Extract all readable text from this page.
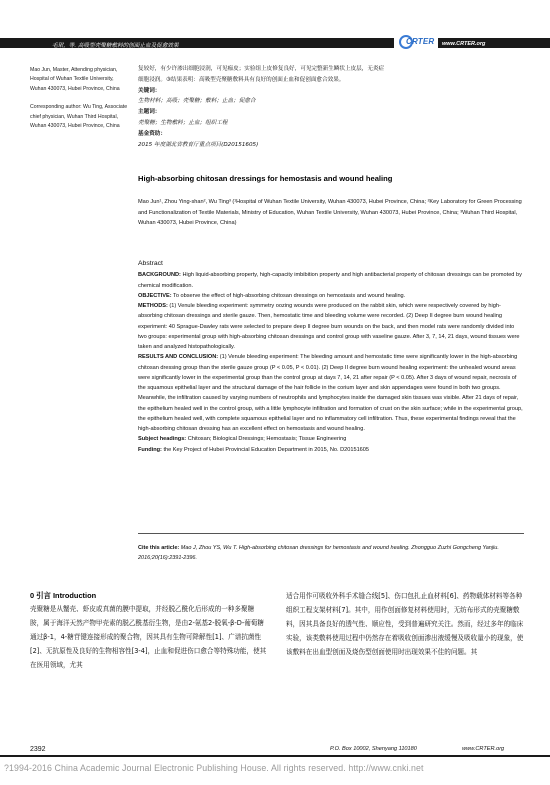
毛珺，等. 高吸型壳聚糖敷料的创面止血及促愈效果	CRTER www.CRTER.org

Mao Jun, Master, Attending physician, Hospital of Wuhan Textile University, Wuhan 430073, Hubei Province, China

Corresponding author: Wu Ting, Associate chief physician, Wuhan Third Hospital, Wuhan 430073, Hubei Province, China

复较好，有少许渗出细胞浸润，可见痂皮；实验组上皮修复良好，可见完整新生鳞状上皮层，无炎症
细胞浸润。③结果表明：高吸型壳聚糖敷料具有良好的创面止血和促创面愈合效果。
关键词：
生物材料；高吸；壳聚糖；敷料；止血；促愈合
主题词：
壳聚糖；生物敷料；止血；组织工程
基金资助：
2015 年度湖北省教育厅重点项目(D20151605)
High-absorbing chitosan dressings for hemostasis and wound healing
Mao Jun¹, Zhou Ying-shan², Wu Ting³ (¹Hospital of Wuhan Textile University, Wuhan 430073, Hubei Province, China; ²Key Laboratory for Green Processing and Functionalization of Textile Materials, Ministry of Education, Wuhan Textile University, Wuhan 430073, Hubei Province, China; ³Wuhan Third Hospital, Wuhan 430073, Hubei Province, China)
Abstract
BACKGROUND: High liquid-absorbing property, high-capacity imbibition property and high antibacterial property of chitosan dressings can be promoted by chemical modification.
OBJECTIVE: To observe the effect of high-absorbing chitosan dressings on hemostasis and wound healing.
METHODS: (1) Venule bleeding experiment: symmetry oozing wounds were produced on the rabbit skin, which were respectively covered by high-absorbing chitosan dressings and sterile gauze. Then, hemostatic time and bleeding volume were recorded. (2) Deep II degree burn wound healing experiment: 40 Sprague-Dawley rats were selected to prepare deep II degree burn wounds on the back, and then model rats were randomly divided into two groups: experimental group with high-absorbing chitosan dressings and control group with vaseline gauze. After 3, 7, 14, 21 days, wound tissues were taken and analyzed histopathologically.
RESULTS AND CONCLUSION: (1) Venule bleeding experiment: The bleeding amount and hemostatic time were significantly lower in the high-absorbing chitosan dressing group than the sterile gauze group (P < 0.05, P < 0.01). (2) Deep II degree burn wound healing experiment: the unhealed wound areas were significantly lower in the experimental group than the control group at days 7, 14, 21 after repair (P < 0.05). After 3 days of wound repair, necrosis of the squamous epithelial layer and the structural damage of the hair follicle in the corium layer and skin appendages were found in both two groups. Meanwhile, the infiltration caused by varying numbers of neutrophils and lymphocytes inside the damaged skin tissues was visible. After 21 days of repair, the epithelium healed well in the control group, with a little lymphocyte infiltration and formation of crust on the skin surface; while in the experimental group, the epithelium healed well, with complete squamous epithelial layer and no inflammatory cell infiltration. Thus, these experimental findings reveal that the high-absorbing chitosan dressing has an excellent effect on hemostasis and wound healing.
Subject headings: Chitosan; Biological Dressings; Hemostasis; Tissue Engineering
Funding: the Key Project of Hubei Provincial Education Department in 2015, No. D20151605
Cite this article: Mao J, Zhou YS, Wu T. High-absorbing chitosan dressings for hemostasis and wound healing. Zhongguo Zuzhi Gongcheng Yanjiu. 2016;20(16):2391-2396.
0 引言 Introduction
壳聚糖是从蟹壳、虾皮或真菌的膜中提取，并经脱乙酰化后形成的一种多聚糖胺，属于海洋天然产物甲壳素的脱乙酰基衍生物，是由2-氨基2-脱氧-β-D-葡萄糖通过β-1，4-糖苷键连接形成的聚合物，因其具有生物可降解性[1]、广谱抗菌性[2]、无抗原性及良好的生物相容性[3-4]，止血和促进伤口愈合等特殊功能，使其在医用领域，尤其
适合用作可吸收外科手术缝合线[5]、伤口包扎止血材料[6]、药物载体材料等各种组织工程支架材料[7]。其中，用作创面修复材料使用时，无纺布形式的壳聚糖敷料，因其具备良好的透气性、顺应性，受到普遍研究关注。然而，经过多年的临床实验，该类敷料使用过程中仍然存在着吸收创面渗出液缓慢及吸收量小的现象，使该敷料在出血型创面及烧伤型创面使用时出现效果不佳的问题。其
2392	P.O. Box 10002, Shenyang 110180	www.CRTER.org
?1994-2016 China Academic Journal Electronic Publishing House. All rights reserved. http://www.cnki.net
